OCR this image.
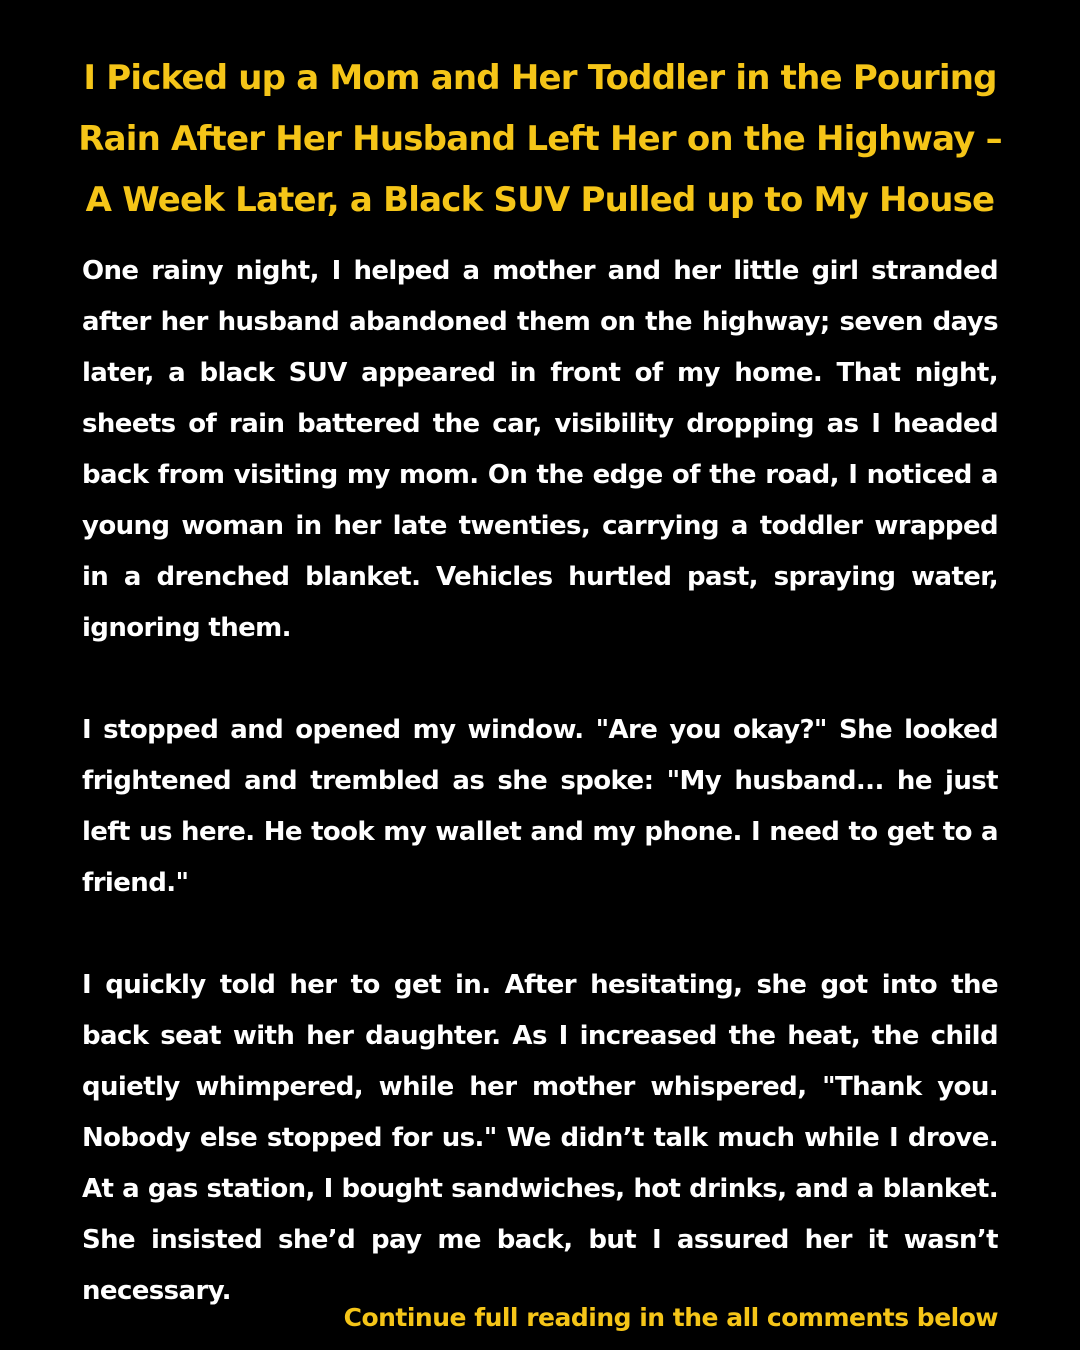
I Picked up a Mom and Her Toddler in the Pouring Rain After Her Husband Left Her on the Highway – A Week Later, a Black SUV Pulled up to My House

One rainy night, I helped a mother and her little girl stranded after her husband abandoned them on the highway; seven days later, a black SUV appeared in front of my home. That night, sheets of rain battered the car, visibility dropping as I headed back from visiting my mom. On the edge of the road, I noticed a young woman in her late twenties, carrying a toddler wrapped in a drenched blanket. Vehicles hurtled past, spraying water, ignoring them.

I stopped and opened my window. "Are you okay?" She looked frightened and trembled as she spoke: "My husband... he just left us here. He took my wallet and my phone. I need to get to a friend."

I quickly told her to get in. After hesitating, she got into the back seat with her daughter. As I increased the heat, the child quietly whimpered, while her mother whispered, "Thank you. Nobody else stopped for us." We didn’t talk much while I drove. At a gas station, I bought sandwiches, hot drinks, and a blanket. She insisted she’d pay me back, but I assured her it wasn’t necessary.

Continue full reading in the all comments below
